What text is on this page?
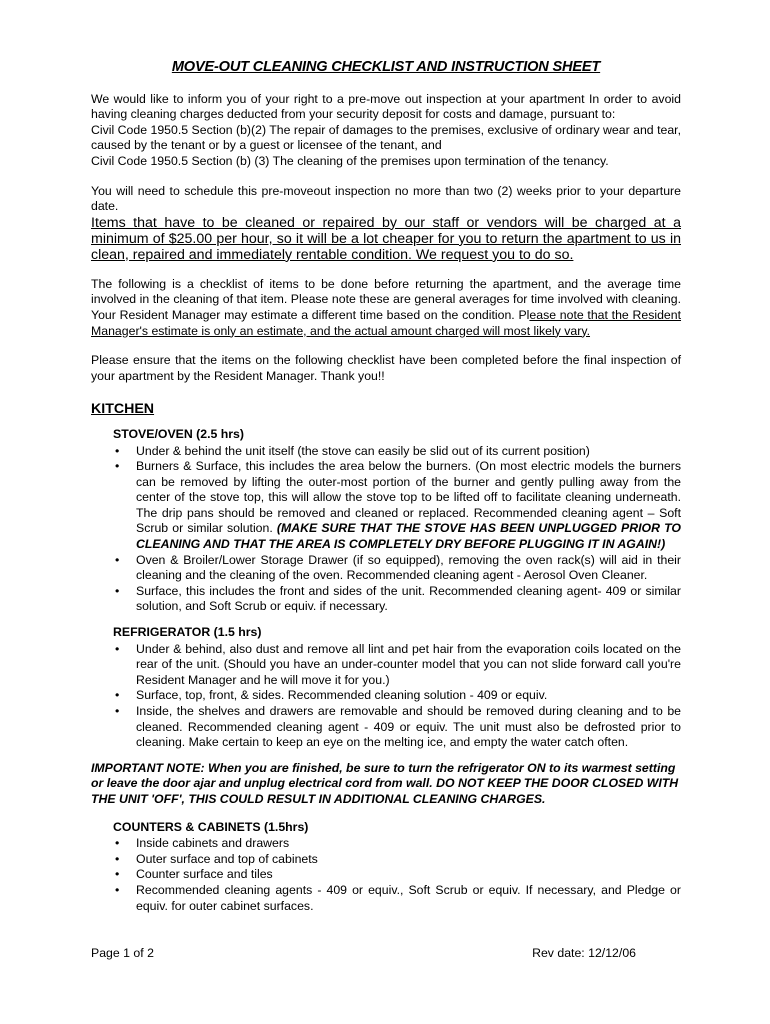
MOVE-OUT CLEANING CHECKLIST AND INSTRUCTION SHEET

We would like to inform you of your right to a pre-move out inspection at your apartment In order to avoid having cleaning charges deducted from your security deposit for costs and damage, pursuant to:
Civil Code 1950.5 Section (b)(2) The repair of damages to the premises, exclusive of ordinary wear and tear, caused by the tenant or by a guest or licensee of the tenant, and
Civil Code 1950.5 Section (b) (3) The cleaning of the premises upon termination of the tenancy.

You will need to schedule this pre-moveout inspection no more than two (2) weeks prior to your departure date.

Items that have to be cleaned or repaired by our staff or vendors will be charged at a minimum of $25.00 per hour, so it will be a lot cheaper for you to return the apartment to us in clean, repaired and immediately rentable condition. We request you to do so.

The following is a checklist of items to be done before returning the apartment, and the average time involved in the cleaning of that item. Please note these are general averages for time involved with cleaning. Your Resident Manager may estimate a different time based on the condition. Please note that the Resident Manager's estimate is only an estimate, and the actual amount charged will most likely vary.

Please ensure that the items on the following checklist have been completed before the final inspection of your apartment by the Resident Manager. Thank you!!

KITCHEN
STOVE/OVEN (2.5 hrs)
• Under & behind the unit itself (the stove can easily be slid out of its current position)
• Burners & Surface, this includes the area below the burners. (On most electric models the burners can be removed by lifting the outer-most portion of the burner and gently pulling away from the center of the stove top, this will allow the stove top to be lifted off to facilitate cleaning underneath. The drip pans should be removed and cleaned or replaced. Recommended cleaning agent – Soft Scrub or similar solution. (MAKE SURE THAT THE STOVE HAS BEEN UNPLUGGED PRIOR TO CLEANING AND THAT THE AREA IS COMPLETELY DRY BEFORE PLUGGING IT IN AGAIN!)
• Oven & Broiler/Lower Storage Drawer (if so equipped), removing the oven rack(s) will aid in their cleaning and the cleaning of the oven. Recommended cleaning agent - Aerosol Oven Cleaner.
• Surface, this includes the front and sides of the unit. Recommended cleaning agent- 409 or similar solution, and Soft Scrub or equiv. if necessary.
REFRIGERATOR (1.5 hrs)
• Under & behind, also dust and remove all lint and pet hair from the evaporation coils located on the rear of the unit. (Should you have an under-counter model that you can not slide forward call you're Resident Manager and he will move it for you.)
• Surface, top, front, & sides. Recommended cleaning solution - 409 or equiv.
• Inside, the shelves and drawers are removable and should be removed during cleaning and to be cleaned. Recommended cleaning agent - 409 or equiv. The unit must also be defrosted prior to cleaning. Make certain to keep an eye on the melting ice, and empty the water catch often.

IMPORTANT NOTE: When you are finished, be sure to turn the refrigerator ON to its warmest setting or leave the door ajar and unplug electrical cord from wall. DO NOT KEEP THE DOOR CLOSED WITH THE UNIT 'OFF', THIS COULD RESULT IN ADDITIONAL CLEANING CHARGES.

COUNTERS & CABINETS (1.5hrs)
• Inside cabinets and drawers
• Outer surface and top of cabinets
• Counter surface and tiles
• Recommended cleaning agents - 409 or equiv., Soft Scrub or equiv. If necessary, and Pledge or equiv. for outer cabinet surfaces.
Page 1 of 2	Rev date: 12/12/06
